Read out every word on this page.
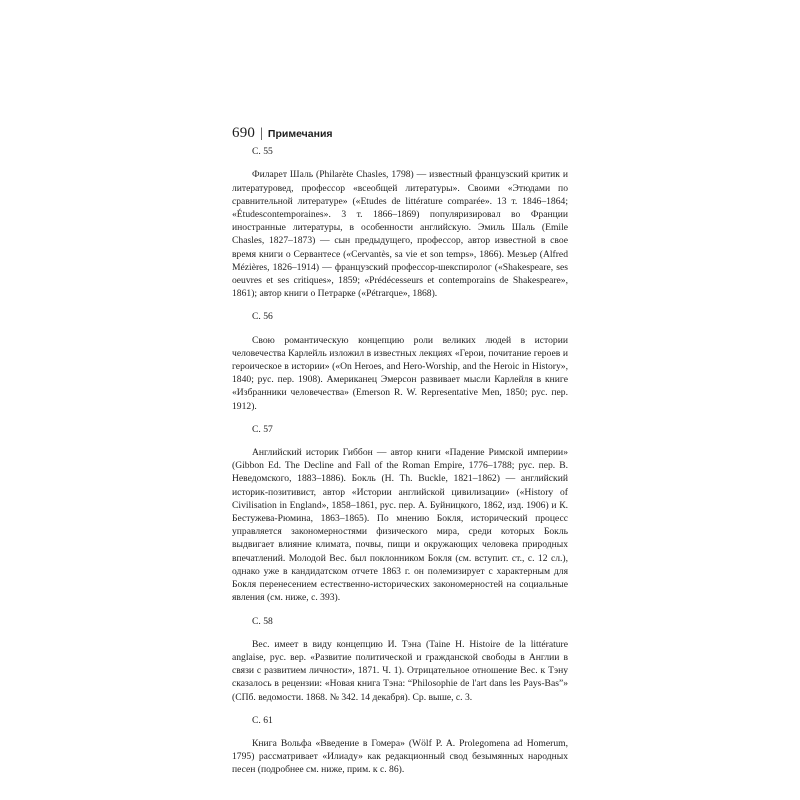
690 | Примечания
С. 55

Филарет Шаль (Philarète Chasles, 1798) — известный французский критик и литературовед, профессор «всеобщей литературы». Своими «Этюдами по сравнительной литературе» («Etudes de littérature comparée». 13 т. 1846–1864; «Étudescontemporaines». 3 т. 1866–1869) популяризировал во Франции иностранные литературы, в особенности английскую. Эмиль Шаль (Emile Chasles, 1827–1873) — сын предыдущего, профессор, автор известной в свое время книги о Сервантесе («Cervantès, sa vie et son temps», 1866). Мезьер (Alfred Mézières, 1826–1914) — французский профессор-шекспиролог («Shakespeare, ses oeuvres et ses critiques», 1859; «Prédécesseurs et contemporains de Shakespeare», 1861); автор книги о Петрарке («Pétrarque», 1868).

С. 56

Свою романтическую концепцию роли великих людей в истории человечества Карлейль изложил в известных лекциях «Герои, почитание героев и героическое в истории» («On Heroes, and Hero-Worship, and the Heroic in History», 1840; рус. пер. 1908). Американец Эмерсон развивает мысли Карлейля в книге «Избранники человечества» (Emerson R. W. Representative Men, 1850; рус. пер. 1912).

С. 57

Английский историк Гиббон — автор книги «Падение Римской империи» (Gibbon Ed. The Decline and Fall of the Roman Empire, 1776–1788; рус. пер. В. Неведомского, 1883–1886). Бокль (H. Th. Buckle, 1821–1862) — английский историк-позитивист, автор «Истории английской цивилизации» («History of Civilisation in England», 1858–1861, рус. пер. А. Буйницкого, 1862, изд. 1906) и К. Бестужева-Рюмина, 1863–1865). По мнению Бокля, исторический процесс управляется закономерностями физического мира, среди которых Бокль выдвигает влияние климата, почвы, пищи и окружающих человека природных впечатлений. Молодой Вес. был поклонником Бокля (см. вступит. ст., с. 12 сл.), однако уже в кандидатском отчете 1863 г. он полемизирует с характерным для Бокля перенесением естественно-исторических закономерностей на социальные явления (см. ниже, с. 393).

С. 58

Вес. имеет в виду концепцию И. Тэна (Taine H. Histoire de la littérature anglaise, рус. вер. «Развитие политической и гражданской свободы в Англии в связи с развитием личности», 1871. Ч. 1). Отрицательное отношение Вес. к Тэну сказалось в рецензии: «Новая книга Тэна: “Philosophie de l'art dans les Pays-Bas”» (СПб. ведомости. 1868. № 342. 14 декабря). Ср. выше, с. 3.

С. 61

Книга Вольфа «Введение в Гомера» (Wölf P. A. Prolegomena ad Homerum, 1795) рассматривает «Илиаду» как редакционный свод безымянных народных песен (подробнее см. ниже, прим. к с. 86).
